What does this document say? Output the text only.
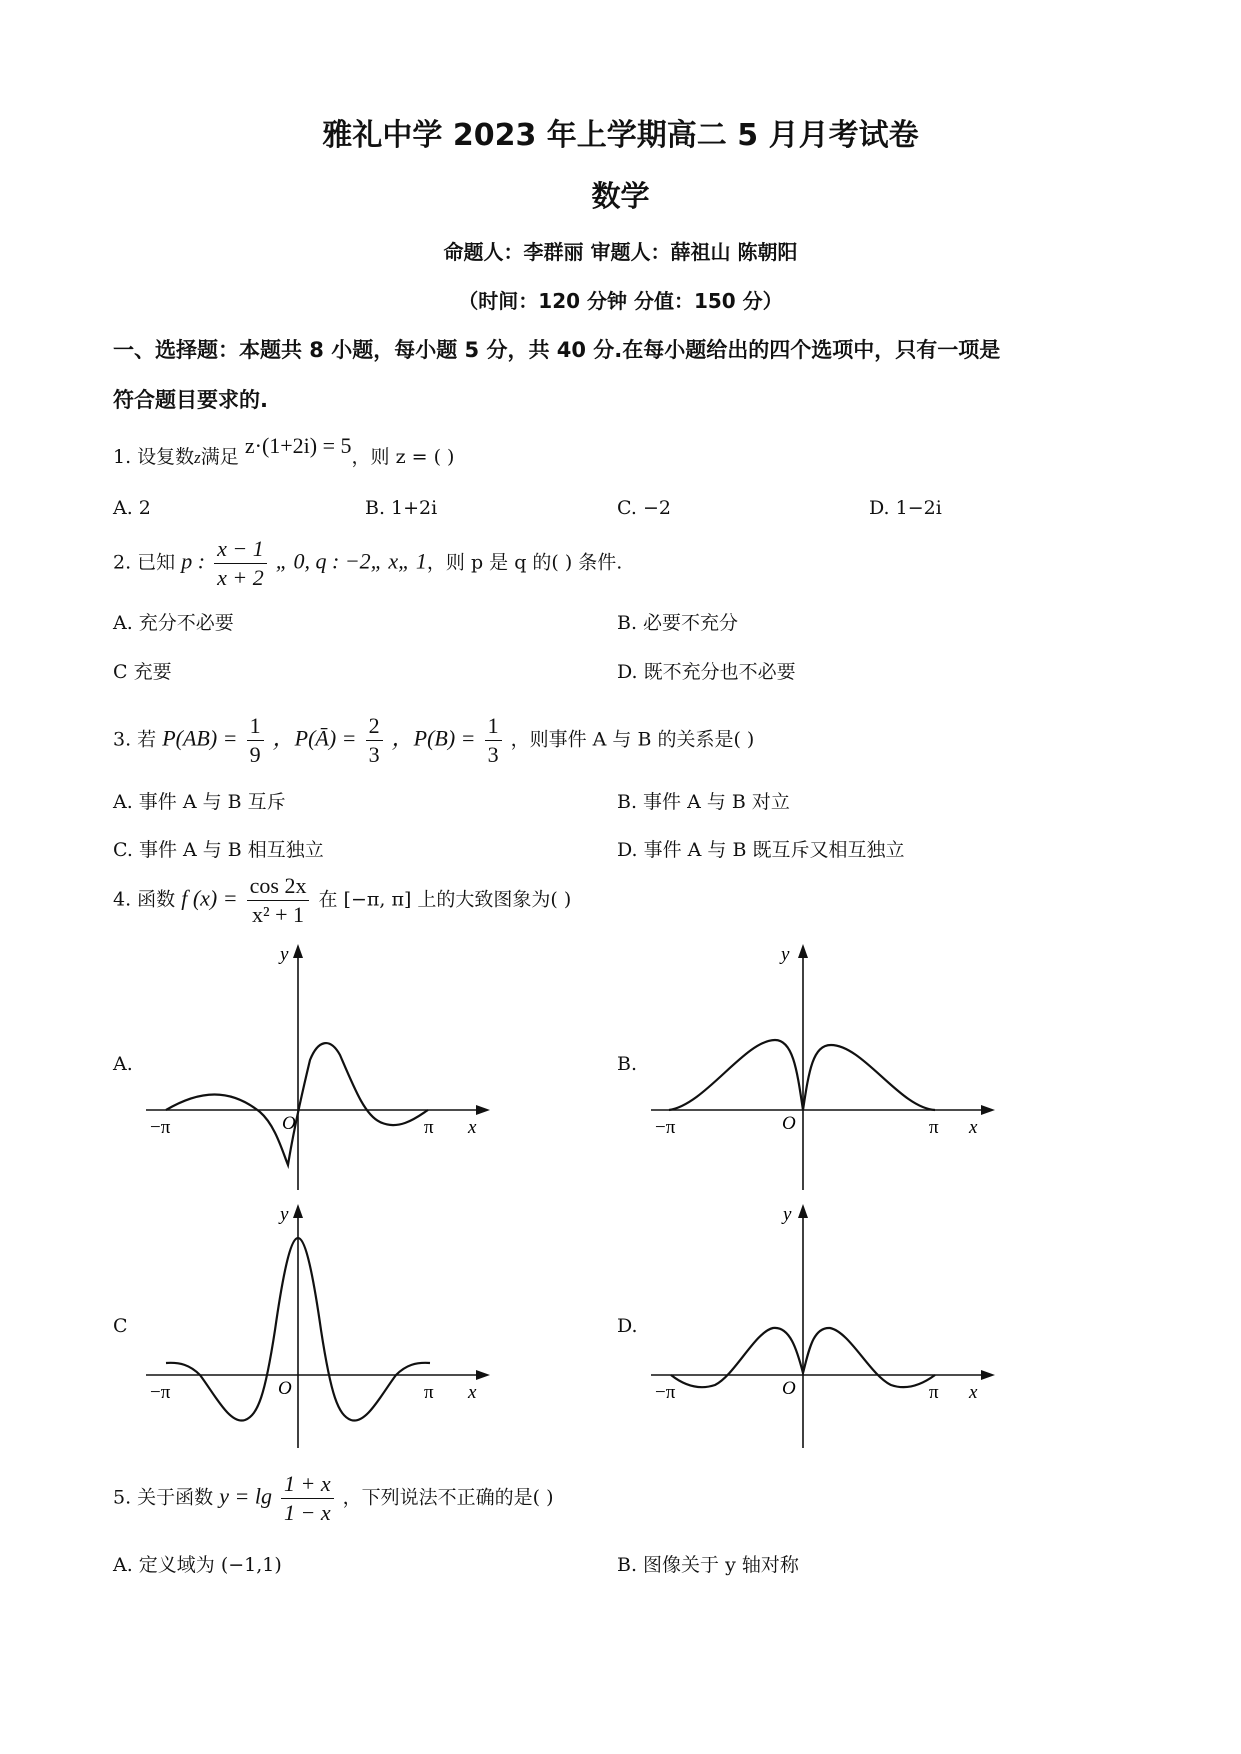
雅礼中学 2023 年上学期高二 5 月月考试卷
数学
命题人：李群丽 审题人：薛祖山 陈朝阳
（时间：120 分钟 分值：150 分）
一、选择题：本题共 8 小题，每小题 5 分，共 40 分.在每小题给出的四个选项中，只有一项是
符合题目要求的.
1. 设复数z满足 z·(1+2i) = 5，则 z = ( )
A. 2	B. 1+2i	C. −2	D. 1−2i
2. 已知 p : $\frac{x - 1}{x + 2}$ „ 0, q : −2„ x„ 1，则 p 是 q 的( ) 条件.
A. 充分不必要	B. 必要不充分
C 充要	D. 既不充分也不必要
3. 若 $P(AB) = \frac{1}{9}$ ，P(Ā) = $\frac{2}{3}$ ，$P(B) = \frac{1}{3}$ ，则事件 A 与 B 的关系是( )
A. 事件 A 与 B 互斥	B. 事件 A 与 B 对立
C. 事件 A 与 B 相互独立	D. 事件 A 与 B 既互斥又相互独立
4. 函数 f $(x) = \frac{\cos 2x}{\text{x² + 1}}$ 在 [−π, π] 上的大致图象为( )
A.
−π	O	π x
y
B.
−π	O	π x
y
C
−π	O	π x
y
D.
−π	O	π x
y
5. 关于函数 $y = \lg \frac{1 + x}{1 - x}$ ，下列说法不正确的是( )
A. 定义域为 (−1,1)	B. 图像关于 y 轴对称
